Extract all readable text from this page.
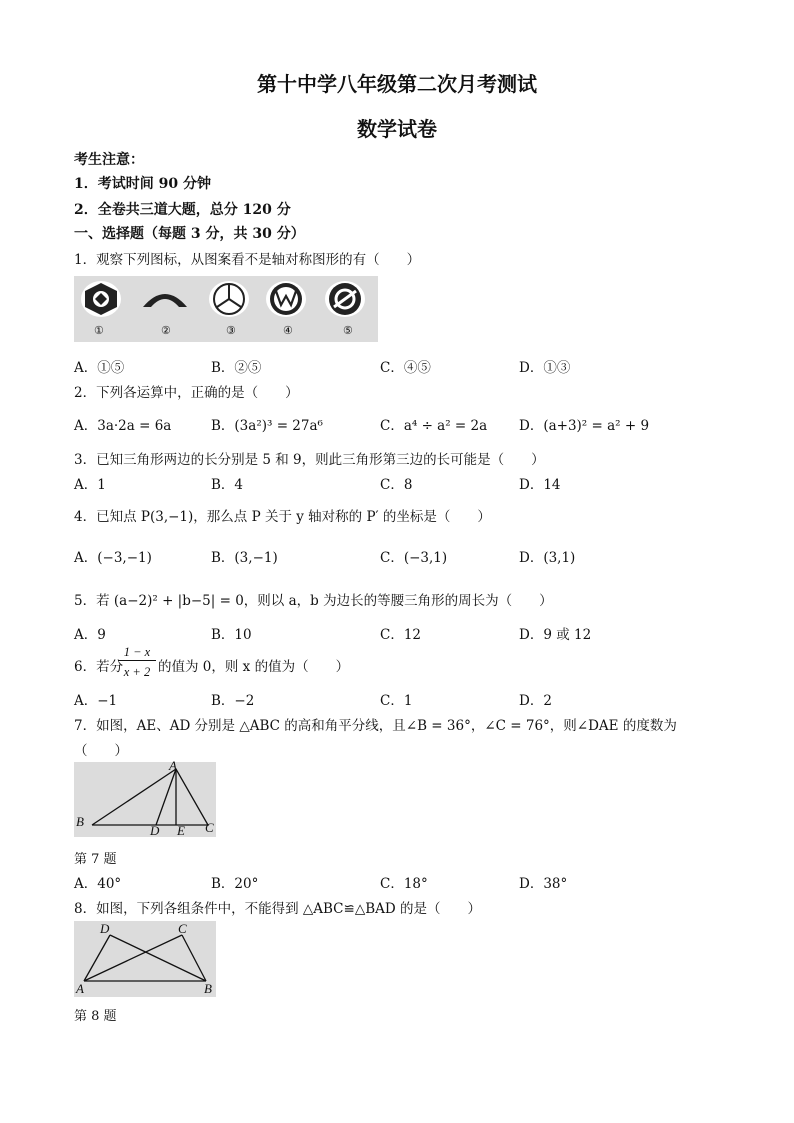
第十中学八年级第二次月考测试
数学试卷
考生注意：
1．考试时间 90 分钟
2．全卷共三道大题，总分 120 分
一、选择题（每题 3 分，共 30 分）
1．观察下列图标，从图案看不是轴对称图形的有（　　）
①	②	③	④	⑤
A．①⑤	B．②⑤	C．④⑤	D．①③
2．下列各运算中，正确的是（　　）
A．3a·2a = 6a	B．(3a²)³ = 27a⁶	C．a⁴ ÷ a² = 2a D．(a+3)² = a² + 9
3．已知三角形两边的长分别是 5 和 9，则此三角形第三边的长可能是（　　）
A．1	B．4	C．8	D．14
4．已知点 P(3,−1)，那么点 P 关于 y 轴对称的 P′ 的坐标是（　　）
A．(−3,−1)	B．(3,−1)	C．(−3,1)	D．(3,1)
5．若 (a−2)² + |b−5| = 0，则以 a，b 为边长的等腰三角形的周长为（　　）
A．9	B．10	C．12	D．9 或 12
6．若分
1 − x
x + 2 的值为 0，则 x 的值为（　　）
A．−1	B．−2	C．1	D．2
7．如图，AE、AD 分别是 △ABC 的高和角平分线，且∠B = 36°，∠C = 76°，则∠DAE 的度数为
（　　）
A
B
D E C
第 7 题
A．40°	B．20°	C．18°	D．38°
8．如图，下列各组条件中，不能得到 △ABC≌△BAD 的是（　　）
D	C
A	B
第 8 题
